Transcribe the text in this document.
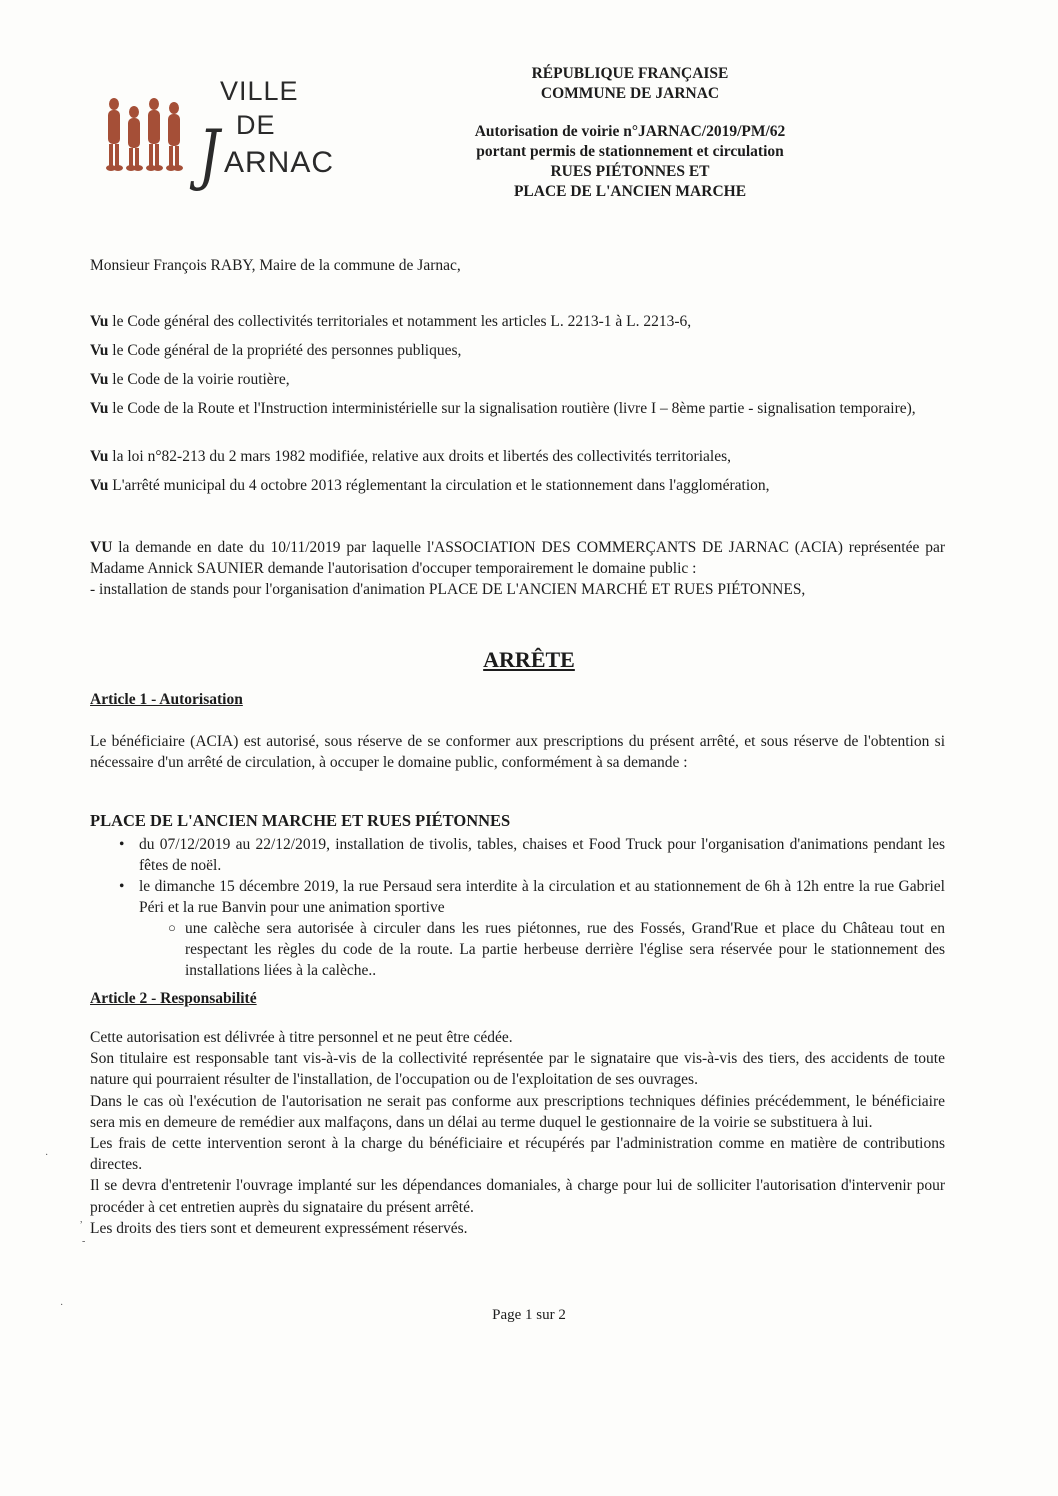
VILLE
DE
J ARNAC
RÉPUBLIQUE FRANÇAISE
COMMUNE DE JARNAC
Autorisation de voirie n°JARNAC/2019/PM/62
portant permis de stationnement et circulation
RUES PIÉTONNES ET
PLACE DE L'ANCIEN MARCHE
Monsieur François RABY, Maire de la commune de Jarnac,
Vu le Code général des collectivités territoriales et notamment les articles L. 2213-1 à L. 2213-6,
Vu le Code général de la propriété des personnes publiques,
Vu le Code de la voirie routière,
Vu le Code de la Route et l'Instruction interministérielle sur la signalisation routière (livre I – 8ème partie - signalisation temporaire),
Vu la loi n°82-213 du 2 mars 1982 modifiée, relative aux droits et libertés des collectivités territoriales,
Vu L'arrêté municipal du 4 octobre 2013 réglementant la circulation et le stationnement dans l'agglomération,
VU la demande en date du 10/11/2019 par laquelle l'ASSOCIATION DES COMMERÇANTS DE JARNAC (ACIA) représentée par Madame Annick SAUNIER demande l'autorisation d'occuper temporairement le domaine public :
- installation de stands pour l'organisation d'animation PLACE DE L'ANCIEN MARCHÉ ET RUES PIÉTONNES,
ARRÊTE
Article 1 - Autorisation
Le bénéficiaire (ACIA) est autorisé, sous réserve de se conformer aux prescriptions du présent arrêté, et sous réserve de l'obtention si nécessaire d'un arrêté de circulation, à occuper le domaine public, conformément à sa demande :
PLACE DE L'ANCIEN MARCHE ET RUES PIÉTONNES
• du 07/12/2019 au 22/12/2019, installation de tivolis, tables, chaises et Food Truck pour l'organisation d'animations pendant les fêtes de noël.
• le dimanche 15 décembre 2019, la rue Persaud sera interdite à la circulation et au stationnement de 6h à 12h entre la rue Gabriel Péri et la rue Banvin pour une animation sportive
○ une calèche sera autorisée à circuler dans les rues piétonnes, rue des Fossés, Grand'Rue et place du Château tout en respectant les règles du code de la route. La partie herbeuse derrière l'église sera réservée pour le stationnement des installations liées à la calèche..
Article 2 - Responsabilité
Cette autorisation est délivrée à titre personnel et ne peut être cédée.
Son titulaire est responsable tant vis-à-vis de la collectivité représentée par le signataire que vis-à-vis des tiers, des accidents de toute nature qui pourraient résulter de l'installation, de l'occupation ou de l'exploitation de ses ouvrages.
Dans le cas où l'exécution de l'autorisation ne serait pas conforme aux prescriptions techniques définies précédemment, le bénéficiaire sera mis en demeure de remédier aux malfaçons, dans un délai au terme duquel le gestionnaire de la voirie se substituera à lui.
Les frais de cette intervention seront à la charge du bénéficiaire et récupérés par l'administration comme en matière de contributions directes.
Il se devra d'entretenir l'ouvrage implanté sur les dépendances domaniales, à charge pour lui de solliciter l'autorisation d'intervenir pour procéder à cet entretien auprès du signataire du présent arrêté.
Les droits des tiers sont et demeurent expressément réservés.
·
,
-
·
Page 1 sur 2
